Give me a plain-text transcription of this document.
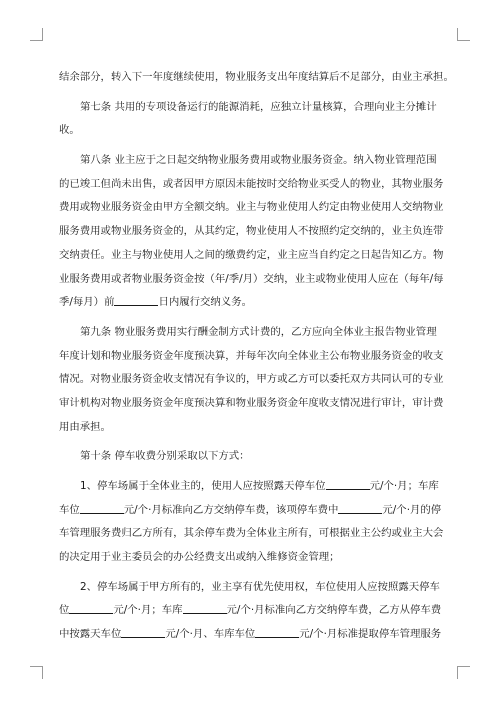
结余部分，转入下一年度继续使用，物业服务支出年度结算后不足部分，由业主承担。
第七条 共用的专项设备运行的能源消耗，应独立计量核算，合理向业主分摊计
收。
第八条 业主应于之日起交纳物业服务费用或物业服务资金。纳入物业管理范围
的已竣工但尚未出售，或者因甲方原因未能按时交给物业买受人的物业，其物业服务
费用或物业服务资金由甲方全额交纳。业主与物业使用人约定由物业使用人交纳物业
服务费用或物业服务资金的，从其约定，物业使用人不按照约定交纳的，业主负连带
交纳责任。业主与物业使用人之间的缴费约定，业主应当自约定之日起告知乙方。物
业服务费用或者物业服务资金按（年/季/月）交纳，业主或物业使用人应在（每年/每
季/每月）前	日内履行交纳义务。
第九条 物业服务费用实行酬金制方式计费的，乙方应向全体业主报告物业管理
年度计划和物业服务资金年度预决算，并每年次向全体业主公布物业服务资金的收支
情况。对物业服务资金收支情况有争议的，甲方或乙方可以委托双方共同认可的专业
审计机构对物业服务资金年度预决算和物业服务资金年度收支情况进行审计，审计费
用由承担。
第十条 停车收费分别采取以下方式：
1、停车场属于全体业主的，使用人应按照露天停车位	元/个·月；车库
车位	元/个·月标准向乙方交纳停车费，该项停车费中	元/个·月的停
车管理服务费归乙方所有，其余停车费为全体业主所有，可根据业主公约或业主大会
的决定用于业主委员会的办公经费支出或纳入维修资金管理；
2、停车场属于甲方所有的，业主享有优先使用权，车位使用人应按照露天停车
位	元/个·月；车库	元/个·月标准向乙方交纳停车费，乙方从停车费
中按露天车位	元/个·月、车库车位	元/个·月标准提取停车管理服务
